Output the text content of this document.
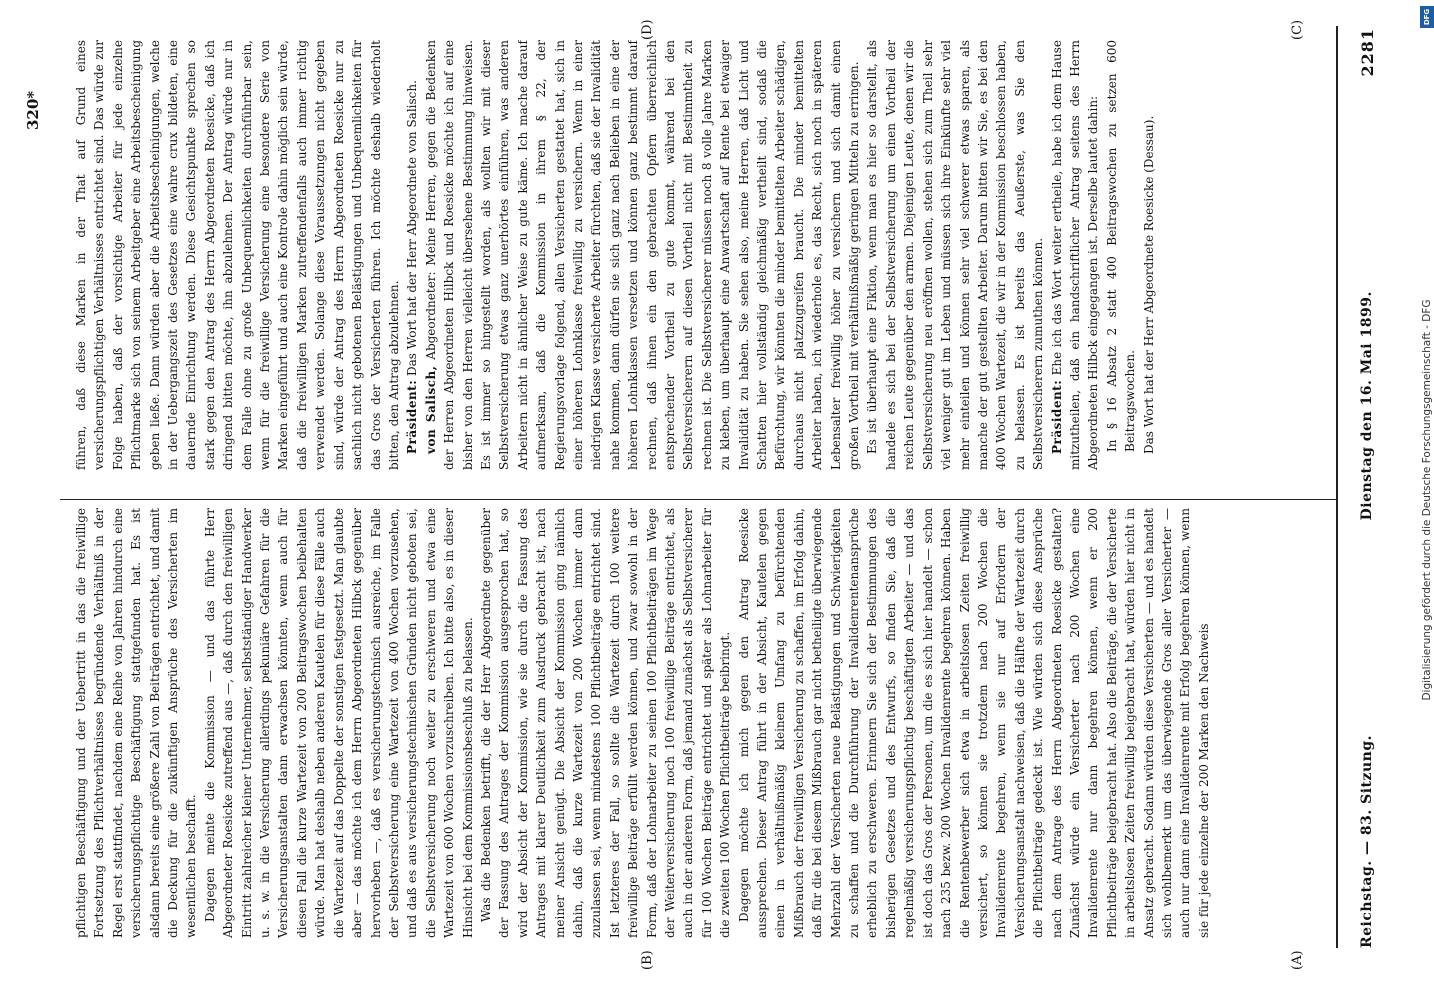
Reichstag. — 83. Sitzung.
Dienstag den 16. Mai 1899.
2281
(A)
(B)
(C)
(D)

pflichtigen Beschäftigung und der Uebertritt in das die freiwillige Fortsetzung des Pflichtverhältnisses begründende Verhältniß in der Regel erst stattfindet, nachdem eine Reihe von Jahren hindurch eine versicherungspflichtige Beschäftigung stattgefunden hat. Es ist alsdann bereits eine größere Zahl von Beiträgen entrichtet, und damit die Deckung für die zukünftigen Ansprüche des Versicherten im wesentlichen beschafft. Dagegen meinte die Kommission — und das führte Herr Abgeordneter Roesicke zutreffend aus —, daß durch den freiwilligen Eintritt zahlreicher kleiner Unternehmer, selbstständiger Handwerker u. s. w. in die Versicherung allerdings pekuniäre Gefahren für die Versicherungsanstalten dann erwachsen könnten, wenn auch für diesen Fall die kurze Wartezeit von 200 Beitragswochen beibehalten würde. Man hat deshalb neben anderen Kautelen für diese Fälle auch die Wartezeit auf das Doppelte der sonstigen festgesetzt. Man glaubte aber — das möchte ich dem Herrn Abgeordneten Hilbck gegenüber hervorheben —, daß es versicherungstechnisch ausreiche, im Falle der Selbstversicherung eine Wartezeit von 400 Wochen vorzusehen, und daß es aus versicherungstechnischen Gründen nicht geboten sei, die Selbstversicherung noch weiter zu erschweren und etwa eine Wartezeit von 600 Wochen vorzuschreiben. Ich bitte also, es in dieser Hinsicht bei dem Kommissionsbeschluß zu belassen. Was die Bedenken betrifft, die der Herr Abgeordnete gegenüber der Fassung des Antrages der Kommission ausgesprochen hat, so wird der Absicht der Kommission, wie sie durch die Fassung des Antrages mit klarer Deutlichkeit zum Ausdruck gebracht ist, nach meiner Ansicht genügt. Die Absicht der Kommission ging nämlich dahin, daß die kurze Wartezeit von 200 Wochen immer dann zuzulassen sei, wenn mindestens 100 Pflichtbeiträge entrichtet sind. Ist letzteres der Fall, so sollte die Wartezeit durch 100 weitere freiwillige Beiträge erfüllt werden können, und zwar sowohl in der Form, daß der Lohnarbeiter zu seinen 100 Pflichtbeiträgen im Wege der Weiterversicherung noch 100 freiwillige Beiträge entrichtet, als auch in der anderen Form, daß jemand zunächst als Selbstversicherer für 100 Wochen Beiträge entrichtet und später als Lohnarbeiter für die zweiten 100 Wochen Pflichtbeiträge beibringt. Dagegen möchte ich mich gegen den Antrag Roesicke aussprechen. Dieser Antrag führt in der Absicht, Kautelen gegen einen in verhältnißmäßig kleinem Umfang zu befürchtenden Mißbrauch der freiwilligen Versicherung zu schaffen, im Erfolg dahin, daß für die bei diesem Mißbrauch gar nicht betheiligte überwiegende Mehrzahl der Versicherten neue Belästigungen und Schwierigkeiten zu schaffen und die Durchführung der Invalidenrentenansprüche erheblich zu erschweren. Erinnern Sie sich der Bestimmungen des bisherigen Gesetzes und des Entwurfs, so finden Sie, daß die regelmäßig versicherungspflichtig beschäftigten Arbeiter — und das ist doch das Gros der Personen, um die es sich hier handelt — schon nach 235 bezw. 200 Wochen Invalidenrente begehren können. Haben die Rentenbewerber sich etwa in arbeitslosen Zeiten freiwillig versichert, so können sie trotzdem nach 200 Wochen die Invalidenrente begehren, wenn sie nur auf Erfordern der Versicherungsanstalt nachweisen, daß die Hälfte der Wartezeit durch die Pflichtbeiträge gedeckt ist. Wie würden sich diese Ansprüche nach dem Antrage des Herrn Abgeordneten Roesicke gestalten? Zunächst würde ein Versicherter nach 200 Wochen eine Invalidenrente nur dann begehren können, wenn er 200 Pflichtbeiträge beigebracht hat. Also die Beiträge, die der Versicherte in arbeitslosen Zeiten freiwillig beigebracht hat, würden hier nicht in Ansatz gebracht. Sodann würden diese Versicherten — und es handelt sich wohlbemerkt um das überwiegende Gros aller Versicherter — auch nur dann eine Invalidenrente mit Erfolg begehren können, wenn sie für jede einzelne der 200 Marken den Nachweis

führen, daß diese Marken in der That auf Grund eines versicherungspflichtigen Verhältnisses entrichtet sind. Das würde zur Folge haben, daß der vorsichtige Arbeiter für jede einzelne Pflichtmarke sich von seinem Arbeitgeber eine Arbeitsbescheinigung geben ließe. Dann würden aber die Arbeitsbescheinigungen, welche in der Uebergangszeit des Gesetzes eine wahre crux bildeten, eine dauernde Einrichtung werden. Diese Gesichtspunkte sprechen so stark gegen den Antrag des Herrn Abgeordneten Roesicke, daß ich dringend bitten möchte, ihn abzulehnen. Der Antrag würde nur in dem Falle ohne zu große Unbequemlichkeiten durchführbar sein, wenn für die freiwillige Versicherung eine besondere Serie von Marken eingeführt und auch eine Kontrole dahin möglich sein würde, daß die freiwilligen Marken zutreffendenfalls auch immer richtig verwendet werden. Solange diese Voraussetzungen nicht gegeben sind, würde der Antrag des Herrn Abgeordneten Roesicke nur zu sachlich nicht gebotenen Belästigungen und Unbequemlichkeiten für das Gros der Versicherten führen. Ich möchte deshalb wiederholt bitten, den Antrag abzulehnen. Präsident: Das Wort hat der Herr Abgeordnete von Salisch.

von Salisch, Abgeordneter: Meine Herren, gegen die Bedenken der Herren Abgeordneten Hilbck und Roesicke möchte ich auf eine bisher von den Herren vielleicht übersehene Bestimmung hinweisen. Es ist immer so hingestellt worden, als wollten wir mit dieser Selbstversicherung etwas ganz unerhörtes einführen, was anderen Arbeitern nicht in ähnlicher Weise zu gute käme. Ich mache darauf aufmerksam, daß die Kommission in ihrem § 22, der Regierungsvorlage folgend, allen Versicherten gestattet hat, sich in einer höheren Lohnklasse freiwillig zu versichern. Wenn in einer niedrigen Klasse versicherte Arbeiter fürchten, daß sie der Invalidität nahe kommen, dann dürfen sie sich ganz nach Belieben in eine der höheren Lohnklassen versetzen und können ganz bestimmt darauf rechnen, daß ihnen ein den gebrachten Opfern überreichlich entsprechender Vortheil zu gute kommt, während bei den Selbstversicherern auf diesen Vortheil nicht mit Bestimmtheit zu rechnen ist. Die Selbstversicherer müssen noch 8 volle Jahre Marken zu kleben, um überhaupt eine Anwartschaft auf Rente bei etwaiger Invalidität zu haben. Sie sehen also, meine Herren, daß Licht und Schatten hier vollständig gleichmäßig vertheilt sind, sodaß die Befürchtung, wir könnten die minder bemittelten Arbeiter schädigen, durchaus nicht platzzugreifen braucht. Die minder bemittelten Arbeiter haben, ich wiederhole es, das Recht, sich noch in späteren Lebensalter freiwillig höher zu versichern und sich damit einen großen Vortheil mit verhältnißmäßig geringen Mitteln zu erringen. Es ist überhaupt eine Fiktion, wenn man es hier so darstellt, als handele es sich bei der Selbstversicherung um einen Vortheil der reichen Leute gegenüber den armen. Diejenigen Leute, denen wir die Selbstversicherung neu eröffnen wollen, stehen sich zum Theil sehr viel weniger gut im Leben und müssen sich ihre Einkünfte sehr viel mehr einteilen und können sehr viel schwerer etwas sparen, als manche der gut gestellten Arbeiter. Darum bitten wir Sie, es bei den 400 Wochen Wartezeit, die wir in der Kommission beschlossen haben, zu belassen. Es ist bereits das Aeußerste, was Sie den Selbstversicherern zumuthen können. Präsident: Ehe ich das Wort weiter ertheile, habe ich dem Hause mitzutheilen, daß ein handschriftlicher Antrag seitens des Herrn Abgeordneten Hilbck eingegangen ist. Derselbe lautet dahin: In § 16 Absatz 2 statt 400 Beitragswochen zu setzen 600 Beitragswochen. Das Wort hat der Herr Abgeordnete Roesicke (Dessau).

320*
DFG
Digitalisierung gefördert durch die Deutsche Forschungsgemeinschaft - DFG
